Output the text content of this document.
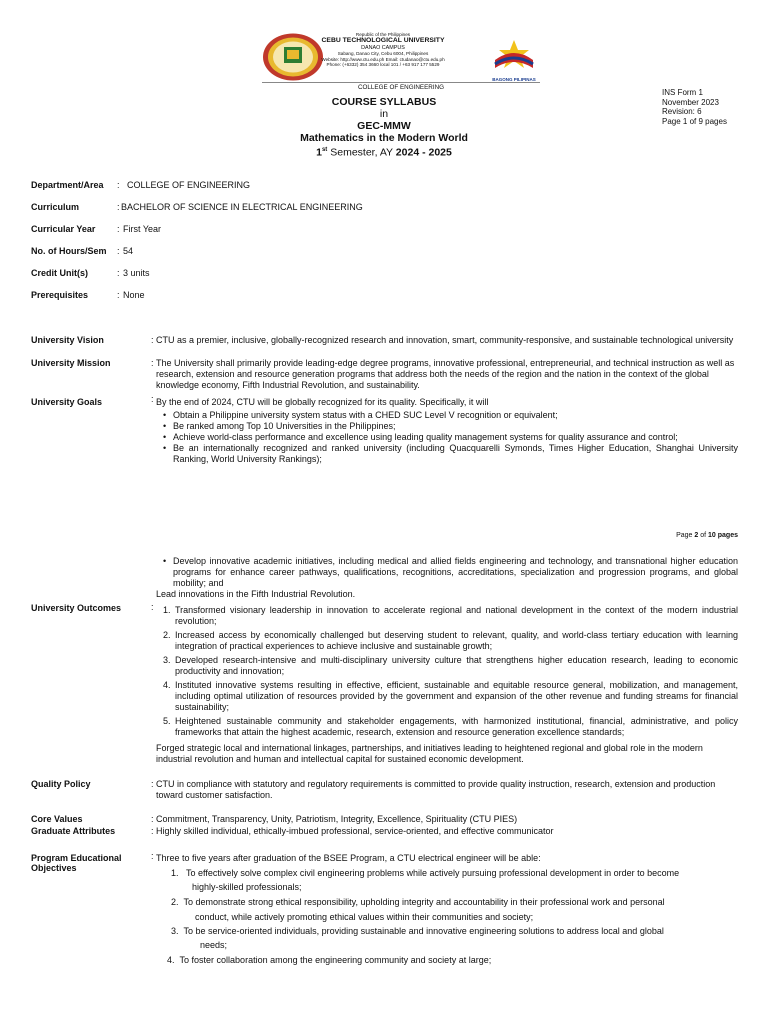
Republic of the Philippines
CEBU TECHNOLOGICAL UNIVERSITY
DANAO CAMPUS
Sabang, Danao City, Cebu 6004, Philippines
Website: http://www.ctu.edu.ph Email: ctudanao@ctu.edu.ph
Phone: (+6332) 354 3660 local 101 / +63 917 177 5529
BAGONG PILIPINAS
COLLEGE OF ENGINEERING
COURSE SYLLABUS
in
GEC-MMW
Mathematics in the Modern World
1st Semester, AY 2024 - 2025
INS Form 1
November 2023
Revision: 6
Page 1 of 9 pages
Department/Area : COLLEGE OF ENGINEERING
Curriculum	: BACHELOR OF SCIENCE IN ELECTRICAL ENGINEERING
Curricular Year : First Year
No. of Hours/Sem : 54
Credit Unit(s)	: 3 units
Prerequisites	: None
University Vision	: CTU as a premier, inclusive, globally-recognized research and innovation, smart, community-responsive, and sustainable technological university
University Mission	: The University shall primarily provide leading-edge degree programs, innovative professional, entrepreneurial, and technical instruction as well as research, extension and resource generation programs that address both the needs of the region and the nation in the context of the global knowledge economy, Fifth Industrial Revolution, and sustainability.
University Goals	: By the end of 2024, CTU will be globally recognized for its quality. Specifically, it will
• Obtain a Philippine university system status with a CHED SUC Level V recognition or equivalent;
• Be ranked among Top 10 Universities in the Philippines;
• Achieve world-class performance and excellence using leading quality management systems for quality assurance and control;
• Be an internationally recognized and ranked university (including Quacquarelli Symonds, Times Higher Education, Shanghai University Ranking, World University Rankings);
Page 2 of 10 pages
• Develop innovative academic initiatives, including medical and allied fields engineering and technology, and transnational higher education programs for enhance career pathways, qualifications, recognitions, accreditations, specialization and progression programs, and global mobility; and
Lead innovations in the Fifth Industrial Revolution.
University Outcomes	: 1. Transformed visionary leadership in innovation to accelerate regional and national development in the context of the modern industrial revolution;
2. Increased access by economically challenged but deserving student to relevant, quality, and world-class tertiary education with learning integration of practical experiences to achieve inclusive and sustainable growth;
3. Developed research-intensive and multi-disciplinary university culture that strengthens higher education research, leading to economic productivity and innovation;
4. Instituted innovative systems resulting in effective, efficient, sustainable and equitable resource general, mobilization, and management, including optimal utilization of resources provided by the government and expansion of the other revenue and funding streams for financial sustainability;
5. Heightened sustainable community and stakeholder engagements, with harmonized institutional, financial, administrative, and policy frameworks that attain the highest academic, research, extension and resource generation excellence standards;
Forged strategic local and international linkages, partnerships, and initiatives leading to heightened regional and global role in the modern industrial revolution and human and intellectual capital for sustained economic development.
Quality Policy	: CTU in compliance with statutory and regulatory requirements is committed to provide quality instruction, research, extension and production toward customer satisfaction.
Core Values	: Commitment, Transparency, Unity, Patriotism, Integrity, Excellence, Spirituality (CTU PIES)
Graduate Attributes	: Highly skilled individual, ethically-imbued professional, service-oriented, and effective communicator
Program Educational
Objectives
: Three to five years after graduation of the BSEE Program, a CTU electrical engineer will be able:
1. To effectively solve complex civil engineering problems while actively pursuing professional development in order to become
highly-skilled professionals;
2. To demonstrate strong ethical responsibility, upholding integrity and accountability in their professional work and personal
conduct, while actively promoting ethical values within their communities and society;
3. To be service-oriented individuals, providing sustainable and innovative engineering solutions to address local and global
needs;
4. To foster collaboration among the engineering community and society at large;
